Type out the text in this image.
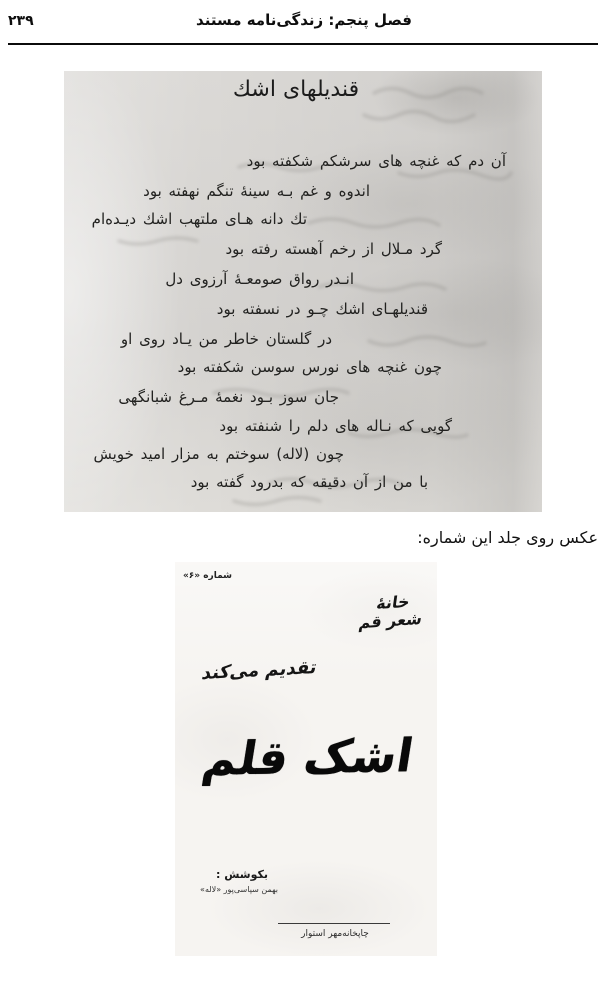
۲۳۹	فصل پنجم: زندگی‌نامه مستند
قندیلهای اشك
آن دم که غنچه های سرشکم شکفته بود
اندوه و غم بـه سینهٔ تنگم نهفته بود
تك دانه هـای ملتهب اشك دیـده‌ام
گرد مـلال از رخم آهسته رفته بود
انـدر رواق صومعـهٔ آرزوی دل
قندیلهـای اشك چـو در نسفته بود
در گلستان خاطر من یـاد روی او
چون غنچه های نورس سوسن شکفته بود
جان سوز بـود نغمهٔ مـرغ شبانگهی
گویی که نـاله های دلم را شنفته بود
چون (لاله) سوختم به مزار امید خویش
با من از آن دقیقه که بدرود گفته بود
عکس روی جلد این شماره:
شماره «۶»
خانهٔ
شعر قم
تقدیم می‌کند
اشک قلم
بکوشش :
بهمن سپاسی‌پور «لاله»
چاپخانه‌مهر استوار
